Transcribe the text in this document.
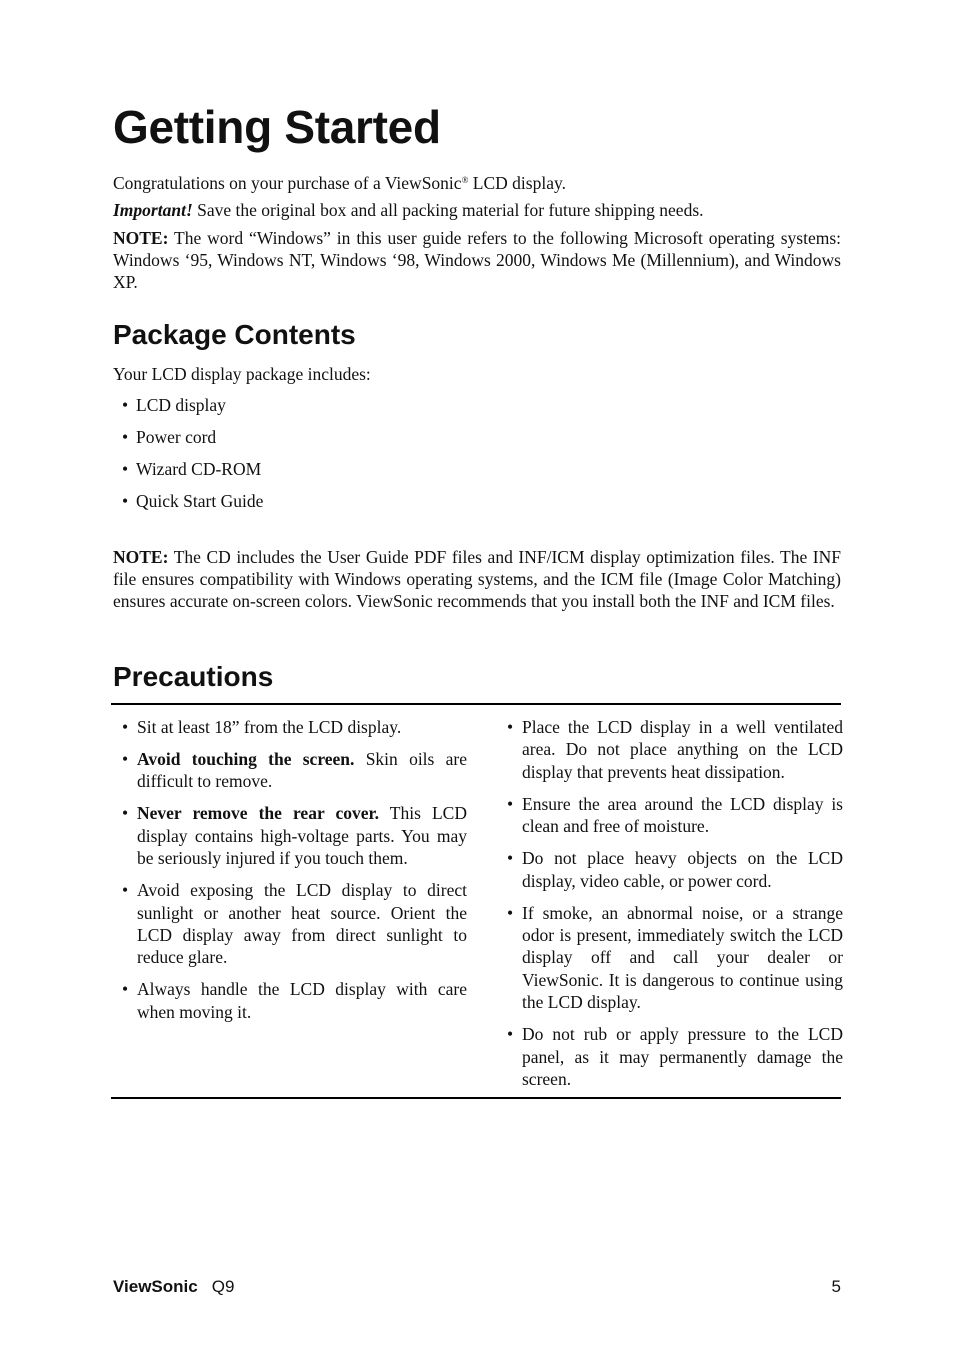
Getting Started

Congratulations on your purchase of a ViewSonic® LCD display.

Important! Save the original box and all packing material for future shipping needs.

NOTE: The word “Windows” in this user guide refers to the following Microsoft operating systems: Windows ‘95, Windows NT, Windows ‘98, Windows 2000, Windows Me (Millennium), and Windows XP.

Package Contents

Your LCD display package includes:

• LCD display
• Power cord
• Wizard CD-ROM
• Quick Start Guide

NOTE: The CD includes the User Guide PDF files and INF/ICM display optimization files. The INF file ensures compatibility with Windows operating systems, and the ICM file (Image Color Matching) ensures accurate on-screen colors. ViewSonic recommends that you install both the INF and ICM files.

Precautions
• Sit at least 18” from the LCD display.
• Avoid touching the screen. Skin oils are difficult to remove.
• Never remove the rear cover. This LCD display contains high-voltage parts. You may be seriously injured if you touch them.
• Avoid exposing the LCD display to direct sunlight or another heat source. Orient the LCD display away from direct sunlight to reduce glare.
• Always handle the LCD display with care when moving it.
• Place the LCD display in a well ventilated area. Do not place anything on the LCD display that prevents heat dissipation.
• Ensure the area around the LCD display is clean and free of moisture.
• Do not place heavy objects on the LCD display, video cable, or power cord.
• If smoke, an abnormal noise, or a strange odor is present, immediately switch the LCD display off and call your dealer or ViewSonic. It is dangerous to continue using the LCD display.
• Do not rub or apply pressure to the LCD panel, as it may permanently damage the screen.
ViewSonic Q9	5
